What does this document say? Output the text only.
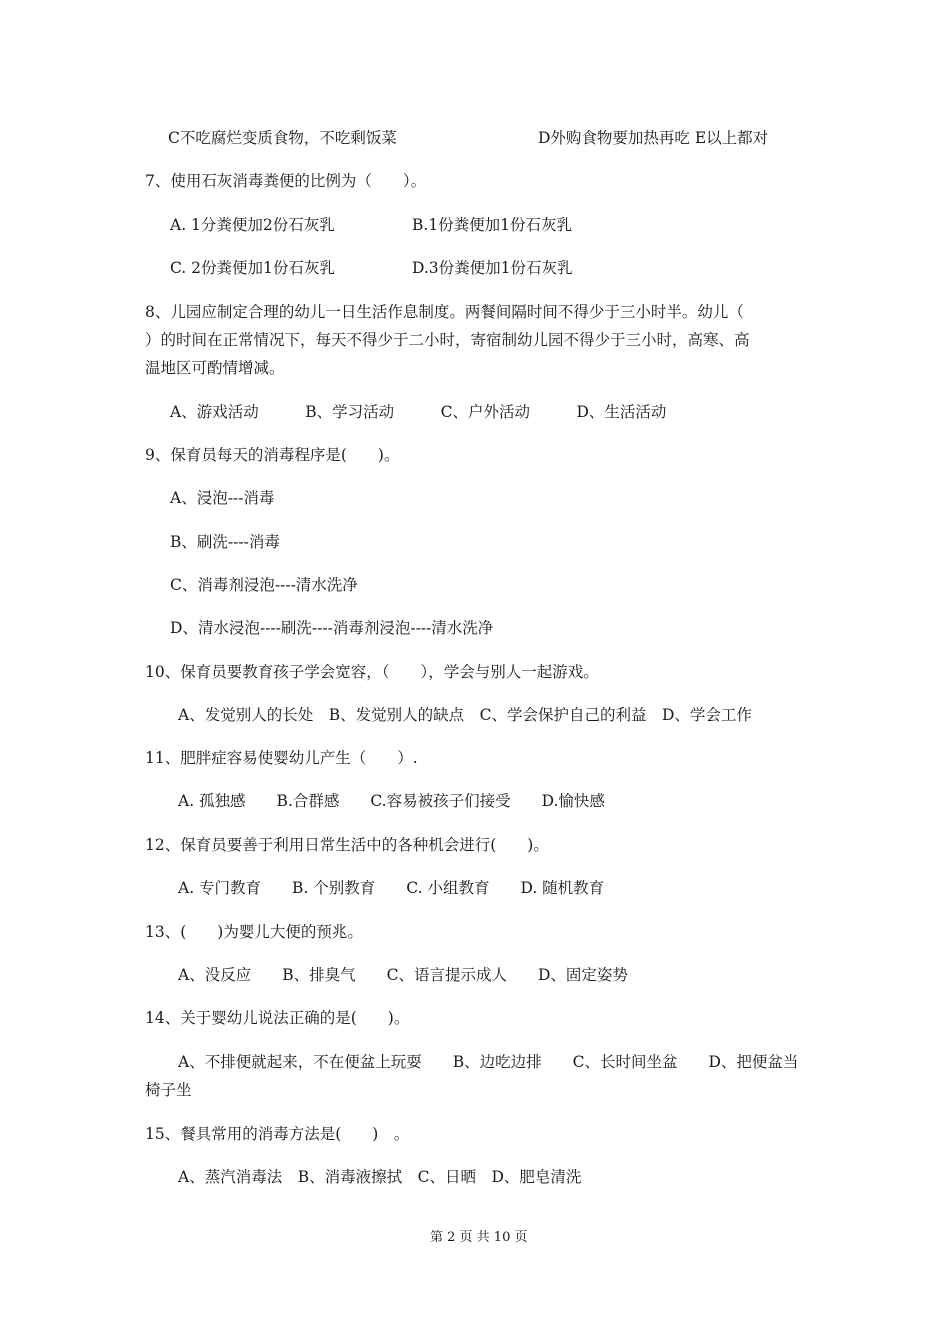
C不吃腐烂变质食物，不吃剩饭菜	D外购食物要加热再吃 E以上都对
7、使用石灰消毒粪便的比例为（　　）。
A. 1分粪便加2份石灰乳	B.1份粪便加1份石灰乳
C. 2份粪便加1份石灰乳	D.3份粪便加1份石灰乳
8、儿园应制定合理的幼儿一日生活作息制度。两餐间隔时间不得少于三小时半。幼儿（
）的时间在正常情况下，每天不得少于二小时，寄宿制幼儿园不得少于三小时，高寒、高
温地区可酌情增减。
A、游戏活动　　　B、学习活动　　　C、户外活动　　　D、生活活动
9、保育员每天的消毒程序是(　　)。
A、浸泡---消毒
B、刷洗----消毒
C、消毒剂浸泡----清水洗净
D、清水浸泡----刷洗----消毒剂浸泡----清水洗净
10、保育员要教育孩子学会宽容，（　　），学会与别人一起游戏。
A、发觉别人的长处　B、发觉别人的缺点　C、学会保护自己的利益　D、学会工作
11、肥胖症容易使婴幼儿产生（　　）.
A. 孤独感　　B.合群感　　C.容易被孩子们接受　　D.愉快感
12、保育员要善于利用日常生活中的各种机会进行(　　)。
A. 专门教育　　B. 个别教育　　C. 小组教育　　D. 随机教育
13、(　　)为婴儿大便的预兆。
A、没反应　　B、排臭气　　C、语言提示成人　　D、固定姿势
14、关于婴幼儿说法正确的是(　　)。
A、不排便就起来，不在便盆上玩耍　　B、边吃边排　　C、长时间坐盆　　D、把便盆当
椅子坐
15、餐具常用的消毒方法是(　　)　。
A、蒸汽消毒法　B、消毒液擦拭　C、日晒　D、肥皂清洗
第 2 页 共 10 页
